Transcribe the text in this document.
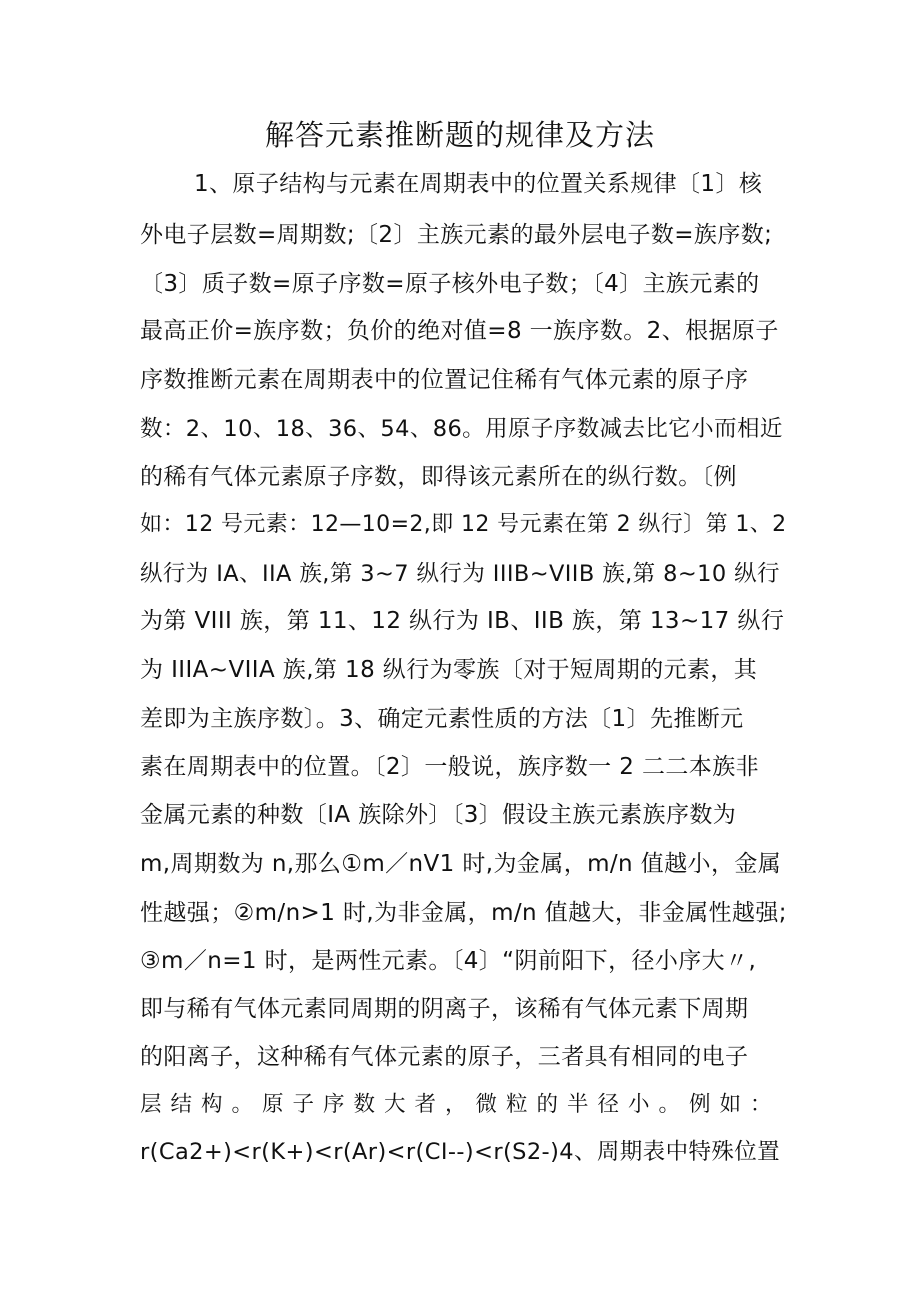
解答元素推断题的规律及方法
1、原子结构与元素在周期表中的位置关系规律〔1〕核
外电子层数=周期数;〔2〕主族元素的最外层电子数=族序数;
〔3〕质子数=原子序数=原子核外电子数；〔4〕主族元素的
最高正价=族序数；负价的绝对值=8 一族序数。2、根据原子
序数推断元素在周期表中的位置记住稀有气体元素的原子序
数：2、10、18、36、54、86。用原子序数减去比它小而相近
的稀有气体元素原子序数，即得该元素所在的纵行数。〔例
如：12 号元素：12—10=2,即 12 号元素在第 2 纵行〕第 1、2
纵行为 IA、IIA 族,第 3~7 纵行为 IIIB~VIIB 族,第 8~10 纵行
为第 VIII 族，第 11、12 纵行为 IB、IIB 族，第 13~17 纵行
为 IIIA~VIIA 族,第 18 纵行为零族〔对于短周期的元素，其
差即为主族序数〕。3、确定元素性质的方法〔1〕先推断元
素在周期表中的位置。〔2〕一般说，族序数一 2 二二本族非
金属元素的种数〔IA 族除外〕〔3〕假设主族元素族序数为
m,周期数为 n,那么①m／nV1 时,为金属，m/n 值越小，金属
性越强；②m/n>1 时,为非金属，m/n 值越大，非金属性越强;
③m／n=1 时，是两性元素。〔4〕“阴前阳下，径小序大〃,
即与稀有气体元素同周期的阴离子，该稀有气体元素下周期
的阳离子，这种稀有气体元素的原子，三者具有相同的电子
层结构。原子序数大者，微粒的半径小。例如：
r(Ca2+)<r(K+)<r(Ar)<r(CI--)<r(S2-)4、周期表中特殊位置
